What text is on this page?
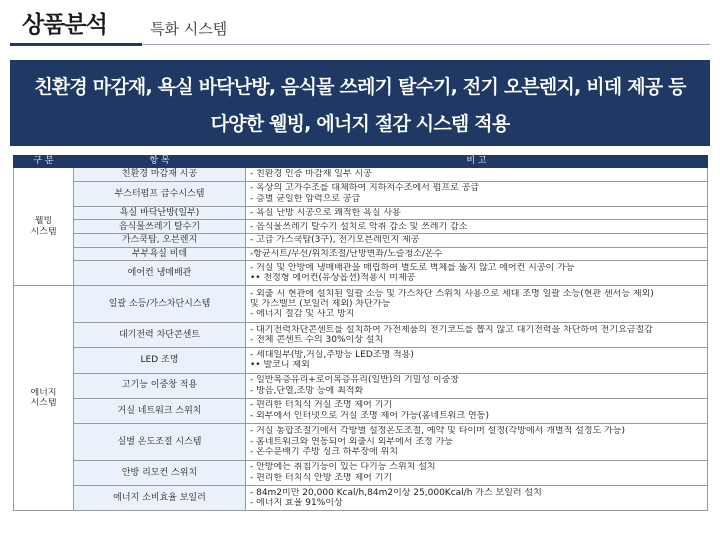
상품분석	특화 시스템
친환경 마감재, 욕실 바닥난방, 음식물 쓰레기 탈수기, 전기 오븐렌지, 비데 제공 등
다양한 웰빙, 에너지 절감 시스템 적용
구 분	항 목	비 고

웰빙
시스템	친환경 마감재 시공	- 친환경 인증 마감재 일부 시공

	부스터펌프 급수시스템	- 옥상의 고가수조를 대체하여 지하저수조에서 펌프로 공급
- 층별 균일한 압력으로 공급

	욕실 바닥난방(일부)	- 욕실 난방 시공으로 쾌적한 욕실 사용

	음식물쓰레기 탈수기	- 음식물쓰레기 탈수기 설치로 악취 감소 및 쓰레기 감소

	가스쿡탑, 오븐렌지	- 고급 가스쿡탑(3구), 전기오븐레인지 제공

	부부욕실 비데	-항균시트/무선/위치조절/난방변좌/노즐청소/온수

	에어컨 냉매배관	- 거실 및 안방에 냉매배관을 매립하여 별도로 벽체를 뚫지 않고 에어컨 시공이 가능
•• 천정형 에어컨(유상옵션)적용시 미제공

에너지
시스템	일괄 소등/가스차단시스템	- 외출 시 현관에 설치된 일괄 소등 및 가스차단 스위치 사용으로 세대 조명 일괄 소등(현관 센서등 제외)
및 가스밸브 (보일러 제외) 차단가능
- 에너지 절감 및 사고 방지

	대기전력 차단콘센트	- 대기전력차단콘센트를 설치하여 가전제품의 전기코드를 뽑지 않고 대기전력을 차단하여 전기요금절감
- 전체 콘센트 수의 30%이상 설치

	LED 조명	- 세대일부(방,거실,주방등 LED조명 적용)
•• 발코니 제외

	고기능 이중창 적용	- 일반복층유리+로이복층유리(일반)의 기밀성 이중창
- 방음,단열,조망 등에 최적화

	거실 네트워크 스위치	- 편리한 터치식 거실 조명 제어 기기
- 외부에서 인터넷으로 거실 조명 제어 가능(홈네트워크 연동)

	실별 온도조절 시스템	- 거실 통합조절기에서 각방별 설정온도조절, 예약 및 타이머 설정(각방에서 개별적 설정도 가능)
- 홈네트워크와 연동되어 외출시 외부에서 조정 가능
- 온수분배기 주방 싱크 하부장에 위치

	안방 리모컨 스위치	- 안방에는 취침기능이 있는 다기능 스위치 설치
- 편리한 터치식 안방 조명 제어 기기

	에너지 소비효율 보일러	- 84m2미만 20,000 Kcal/h,84m2이상 25,000Kcal/h 가스 보일러 설치
- 에너지 효율 91%이상
